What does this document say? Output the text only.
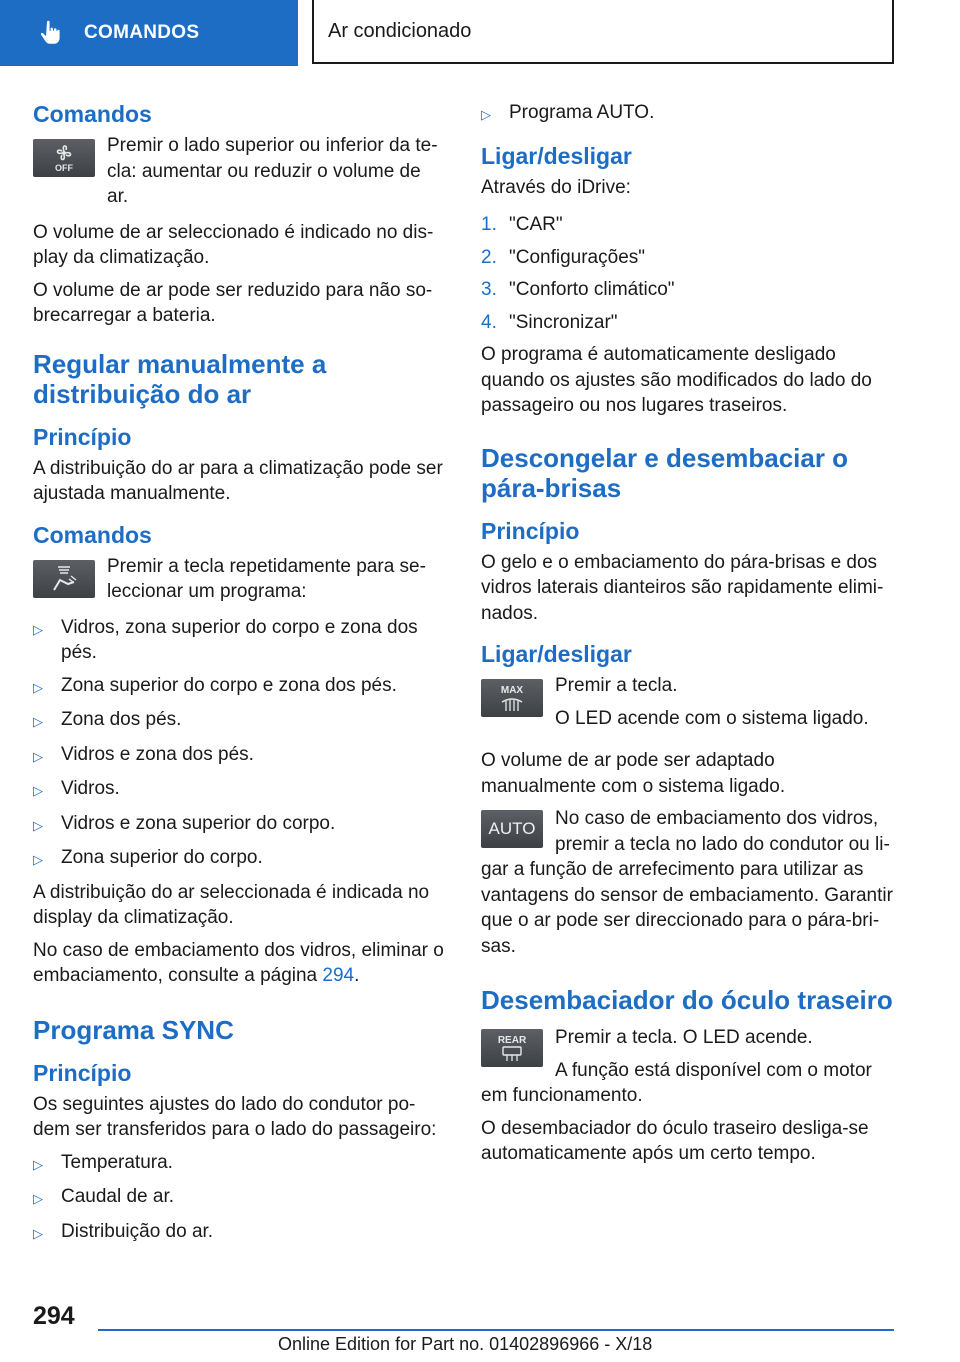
COMANDOS	Ar condicionado
Comandos
OFF
Premir o lado superior ou inferior da te-cla: aumentar ou reduzir o volume de ar.

O volume de ar seleccionado é indicado no dis-play da climatização.

O volume de ar pode ser reduzido para não so-brecarregar a bateria.

Regular manualmente a distribuição do ar
Princípio

A distribuição do ar para a climatização pode ser ajustada manualmente.

Comandos
Premir a tecla repetidamente para se-leccionar um programa:
▷ Vidros, zona superior do corpo e zona dos pés.
▷ Zona superior do corpo e zona dos pés.
▷ Zona dos pés.
▷ Vidros e zona dos pés.
▷ Vidros.
▷ Vidros e zona superior do corpo.
▷ Zona superior do corpo.

A distribuição do ar seleccionada é indicada no display da climatização.

No caso de embaciamento dos vidros, eliminar o embaciamento, consulte a página 294.

Programa SYNC
Princípio

Os seguintes ajustes do lado do condutor po-dem ser transferidos para o lado do passageiro:

▷ Temperatura.
▷ Caudal de ar.
▷ Distribuição do ar.
▷ Programa AUTO.
Ligar/desligar

Através do iDrive:

1. "CAR"
2. "Configurações"
3. "Conforto climático"
4. "Sincronizar"

O programa é automaticamente desligado quando os ajustes são modificados do lado do passageiro ou nos lugares traseiros.

Descongelar e desembaciar o pára-brisas
Princípio

O gelo e o embaciamento do pára-brisas e dos vidros laterais dianteiros são rapidamente elimi-nados.

Ligar/desligar
MAX Premir a tecla.

O LED acende com o sistema ligado.

O volume de ar pode ser adaptado manualmente com o sistema ligado.

AUTO No caso de embaciamento dos vidros, premir a tecla no lado do condutor ou li-gar a função de arrefecimento para utilizar as vantagens do sensor de embaciamento. Garantir que o ar pode ser direccionado para o pára-bri-sas.
Desembaciador do óculo traseiro
REAR	Premir a tecla. O LED acende.

A função está disponível com o motor em funcionamento.

O desembaciador do óculo traseiro desliga-se automaticamente após um certo tempo.

294
Online Edition for Part no. 01402896966 - X/18
